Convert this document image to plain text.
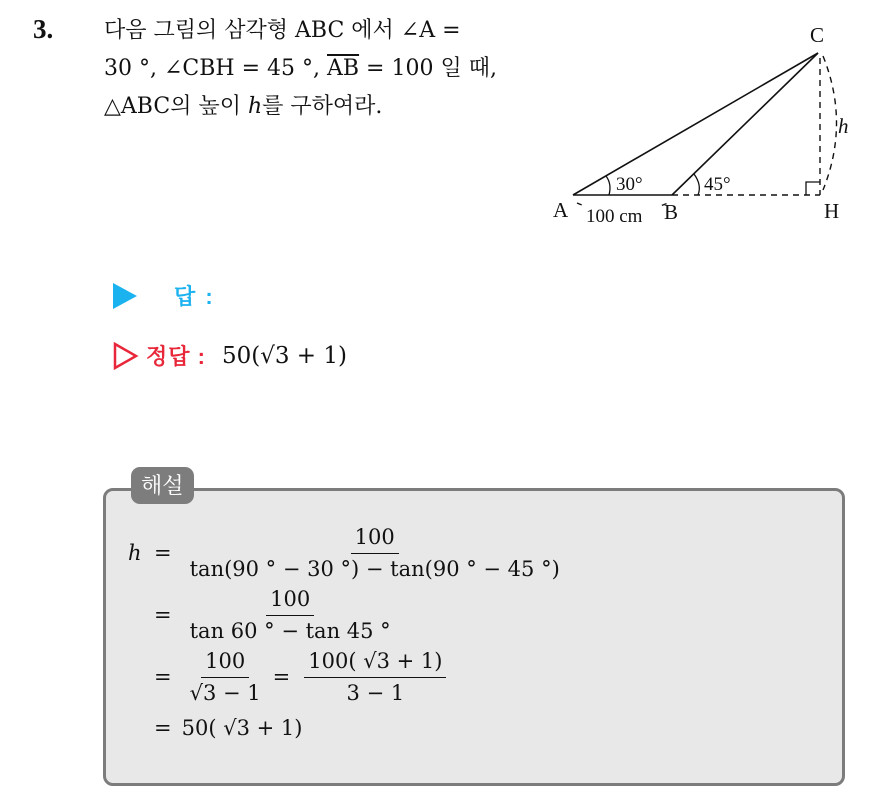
3. 다음 그림의 삼각형 ABC 에서 ∠A =
30 °, ∠CBH = 45 °, $\overline{AB} = 100$ 일 때,
△ABC의 높이 h를 구하여라.
C
A	B	H
30°	45°
100 cm
h
답 :
정답 : 50(√3 + 1)
해설
$h = \frac{100}{\tan(90 ^\circ - 30 ^\circ) - \tan(90 ^\circ - 45 ^\circ)}$
= $\frac{100}{\tan 60 ^\circ - \tan 45 ^\circ}$
= $\frac{100}{√3 - 1} = \frac{100( √3 + 1)}{3 - 1}$
= 50( √3 + 1)
